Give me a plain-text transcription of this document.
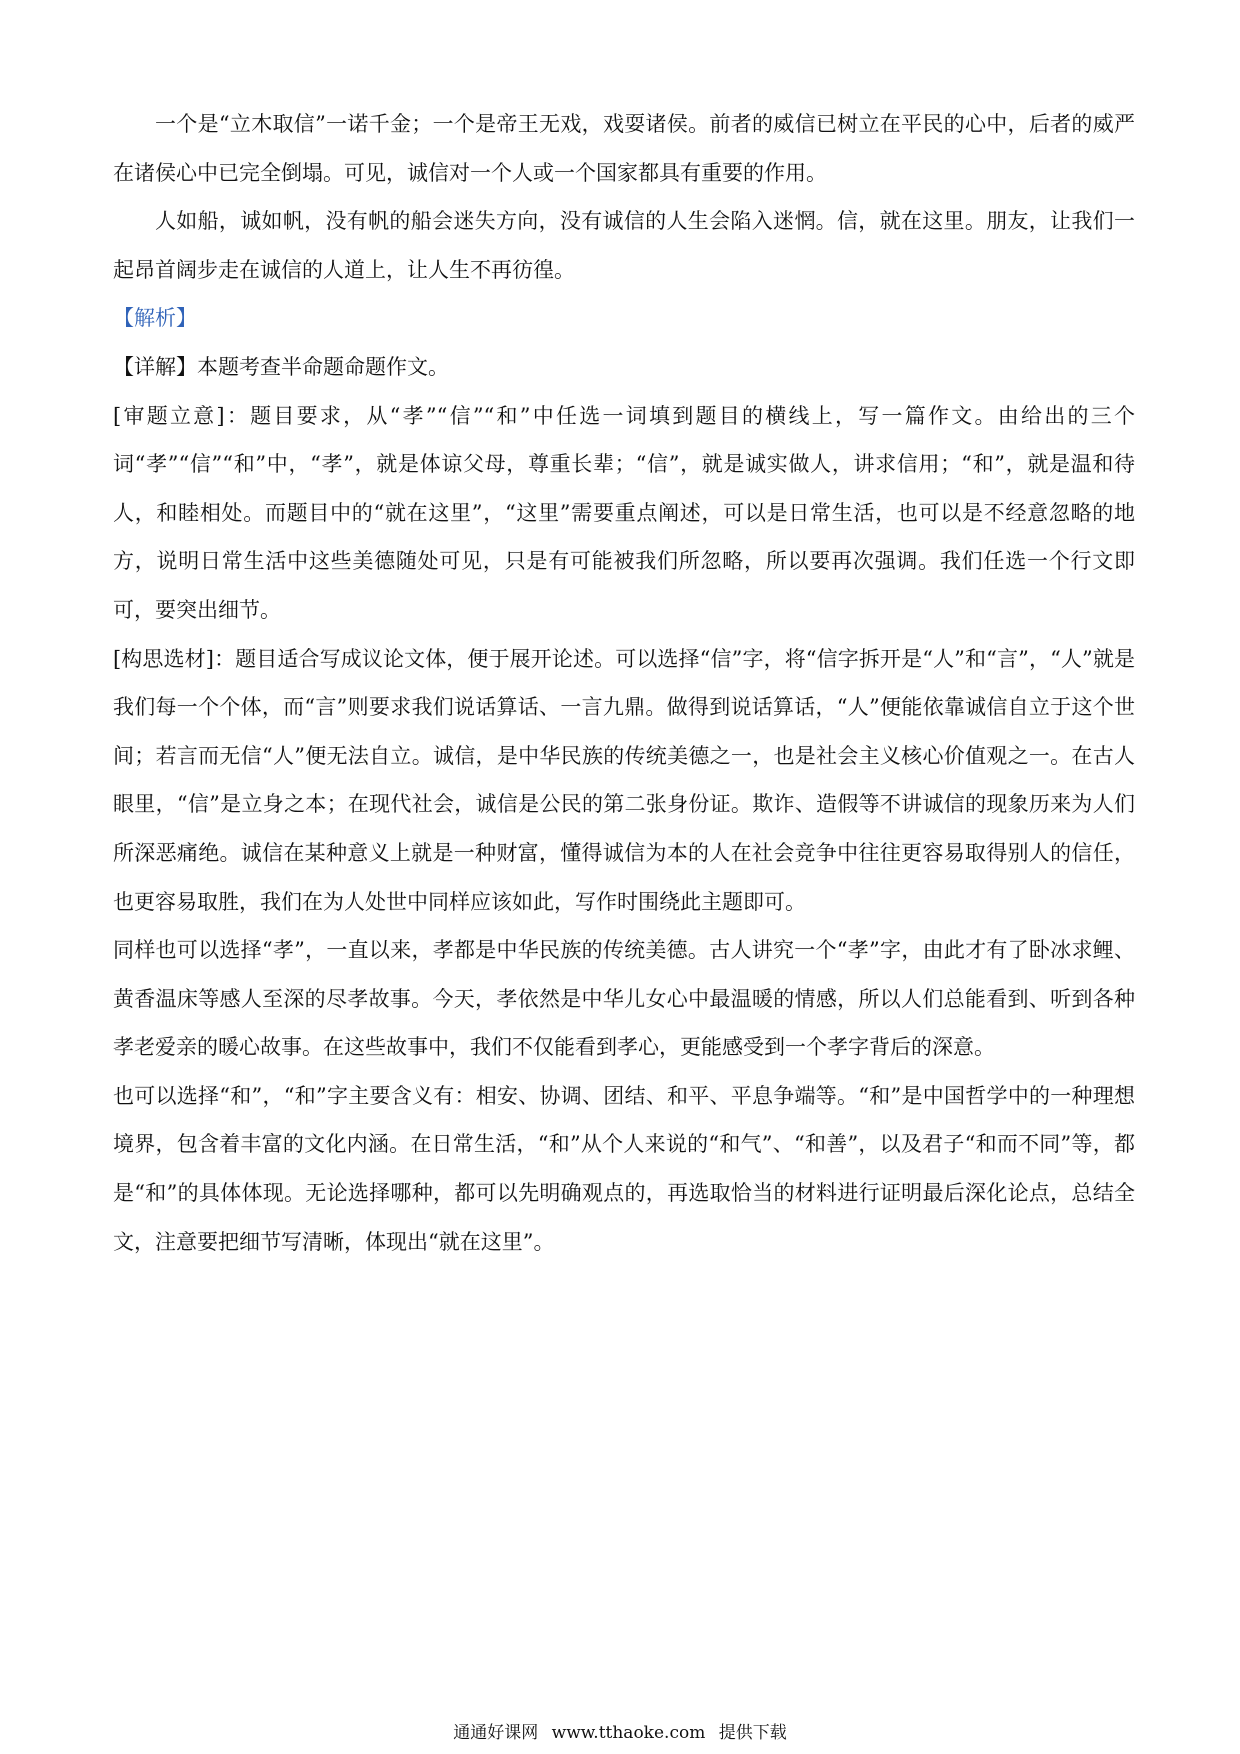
一个是“立木取信”一诺千金；一个是帝王无戏，戏耍诸侯。前者的威信已树立在平民的心中，后者的威严在诸侯心中已完全倒塌。可见，诚信对一个人或一个国家都具有重要的作用。

人如船，诚如帆，没有帆的船会迷失方向，没有诚信的人生会陷入迷惘。信，就在这里。朋友，让我们一起昂首阔步走在诚信的人道上，让人生不再彷徨。

【解析】

【详解】本题考查半命题命题作文。

[审题立意]：题目要求，从“孝”“信”“和”中任选一词填到题目的横线上，写一篇作文。由给出的三个词“孝”“信”“和”中，“孝”，就是体谅父母，尊重长辈；“信”，就是诚实做人，讲求信用；“和”，就是温和待人，和睦相处。而题目中的“就在这里”，“这里”需要重点阐述，可以是日常生活，也可以是不经意忽略的地方，说明日常生活中这些美德随处可见，只是有可能被我们所忽略，所以要再次强调。我们任选一个行文即可，要突出细节。

[构思选材]：题目适合写成议论文体，便于展开论述。可以选择“信”字，将“信字拆开是“人”和“言”，“人”就是我们每一个个体，而“言”则要求我们说话算话、一言九鼎。做得到说话算话，“人”便能依靠诚信自立于这个世间；若言而无信“人”便无法自立。诚信，是中华民族的传统美德之一，也是社会主义核心价值观之一。在古人眼里，“信”是立身之本；在现代社会，诚信是公民的第二张身份证。欺诈、造假等不讲诚信的现象历来为人们所深恶痛绝。诚信在某种意义上就是一种财富，懂得诚信为本的人在社会竞争中往往更容易取得别人的信任，也更容易取胜，我们在为人处世中同样应该如此，写作时围绕此主题即可。

同样也可以选择“孝”，一直以来，孝都是中华民族的传统美德。古人讲究一个“孝”字，由此才有了卧冰求鲤、黄香温床等感人至深的尽孝故事。今天，孝依然是中华儿女心中最温暖的情感，所以人们总能看到、听到各种孝老爱亲的暖心故事。在这些故事中，我们不仅能看到孝心，更能感受到一个孝字背后的深意。

也可以选择“和”，“和”字主要含义有：相安、协调、团结、和平、平息争端等。“和”是中国哲学中的一种理想境界，包含着丰富的文化内涵。在日常生活，“和”从个人来说的“和气”、“和善”，以及君子“和而不同”等，都是“和”的具体体现。无论选择哪种，都可以先明确观点的，再选取恰当的材料进行证明最后深化论点，总结全文，注意要把细节写清晰，体现出“就在这里”。

通通好课网 www.tthaoke.com 提供下载
